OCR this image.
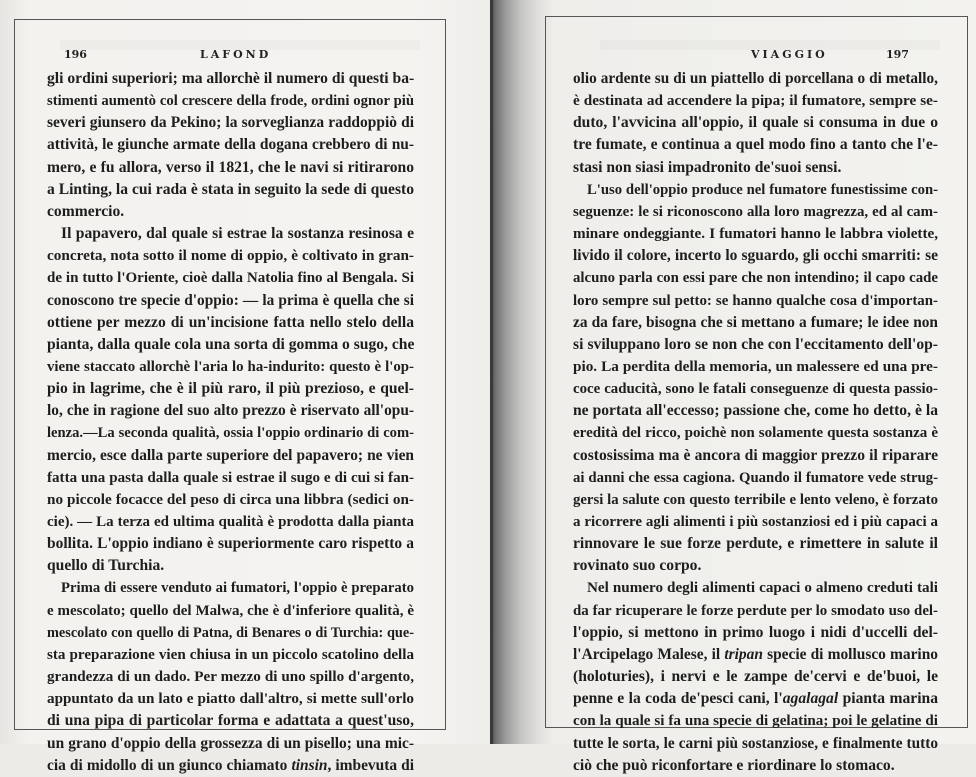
196	LAFOND	VIAGGIO	197
gli ordini superiori; ma allorchè il numero di questi ba-
stimenti aumentò col crescere della frode, ordini ognor più
severi giunsero da Pekino; la sorveglianza raddoppiò di
attività, le giunche armate della dogana crebbero di nu-
mero, e fu allora, verso il 1821, che le navi si ritirarono
a Linting, la cui rada è stata in seguito la sede di questo
commercio.
Il papavero, dal quale si estrae la sostanza resinosa e
concreta, nota sotto il nome di oppio, è coltivato in gran-
de in tutto l'Oriente, cioè dalla Natolia fino al Bengala. Si
conoscono tre specie d'oppio: — la prima è quella che si
ottiene per mezzo di un'incisione fatta nello stelo della
pianta, dalla quale cola una sorta di gomma o sugo, che
viene staccato allorchè l'aria lo ha-indurito: questo è l'op-
pio in lagrime, che è il più raro, il più prezioso, e quel-
lo, che in ragione del suo alto prezzo è riservato all'opu-
lenza.—La seconda qualità, ossia l'oppio ordinario di com-
mercio, esce dalla parte superiore del papavero; ne vien
fatta una pasta dalla quale si estrae il sugo e di cui si fan-
no piccole focacce del peso di circa una libbra (sedici on-
cie). — La terza ed ultima qualità è prodotta dalla pianta
bollita. L'oppio indiano è superiormente caro rispetto a
quello di Turchia.
Prima di essere venduto ai fumatori, l'oppio è preparato
e mescolato; quello del Malwa, che è d'inferiore qualità, è
mescolato con quello di Patna, di Benares o di Turchia: que-
sta preparazione vien chiusa in un piccolo scatolino della
grandezza di un dado. Per mezzo di uno spillo d'argento,
appuntato da un lato e piatto dall'altro, si mette sull'orlo
di una pipa di particolar forma e adattata a quest'uso,
un grano d'oppio della grossezza di un pisello; una mic-
cia di midollo di un giunco chiamato tinsin, imbevuta di
olio ardente su di un piattello di porcellana o di metallo,
è destinata ad accendere la pipa; il fumatore, sempre se-
duto, l'avvicina all'oppio, il quale si consuma in due o
tre fumate, e continua a quel modo fino a tanto che l'e-
stasi non siasi impadronito de'suoi sensi.
L'uso dell'oppio produce nel fumatore funestissime con-
seguenze: le si riconoscono alla loro magrezza, ed al cam-
minare ondeggiante. I fumatori hanno le labbra violette,
livido il colore, incerto lo sguardo, gli occhi smarriti: se
alcuno parla con essi pare che non intendino; il capo cade
loro sempre sul petto: se hanno qualche cosa d'importan-
za da fare, bisogna che si mettano a fumare; le idee non
si sviluppano loro se non che con l'eccitamento dell'op-
pio. La perdita della memoria, un malessere ed una pre-
coce caducità, sono le fatali conseguenze di questa passio-
ne portata all'eccesso; passione che, come ho detto, è la
eredità del ricco, poichè non solamente questa sostanza è
costosissima ma è ancora di maggior prezzo il riparare
ai danni che essa cagiona. Quando il fumatore vede strug-
gersi la salute con questo terribile e lento veleno, è forzato
a ricorrere agli alimenti i più sostanziosi ed i più capaci a
rinnovare le sue forze perdute, e rimettere in salute il
rovinato suo corpo.
Nel numero degli alimenti capaci o almeno creduti tali
da far ricuperare le forze perdute per lo smodato uso del-
l'oppio, si mettono in primo luogo i nidi d'uccelli del-
l'Arcipelago Malese, il tripan specie di mollusco marino
(holoturies), i nervi e le zampe de'cervi e de'buoi, le
penne e la coda de'pesci cani, l'agalagal pianta marina
con la quale si fa una specie di gelatina; poi le gelatine di
tutte le sorta, le carni più sostanziose, e finalmente tutto
ciò che può riconfortare e riordinare lo stomaco.
